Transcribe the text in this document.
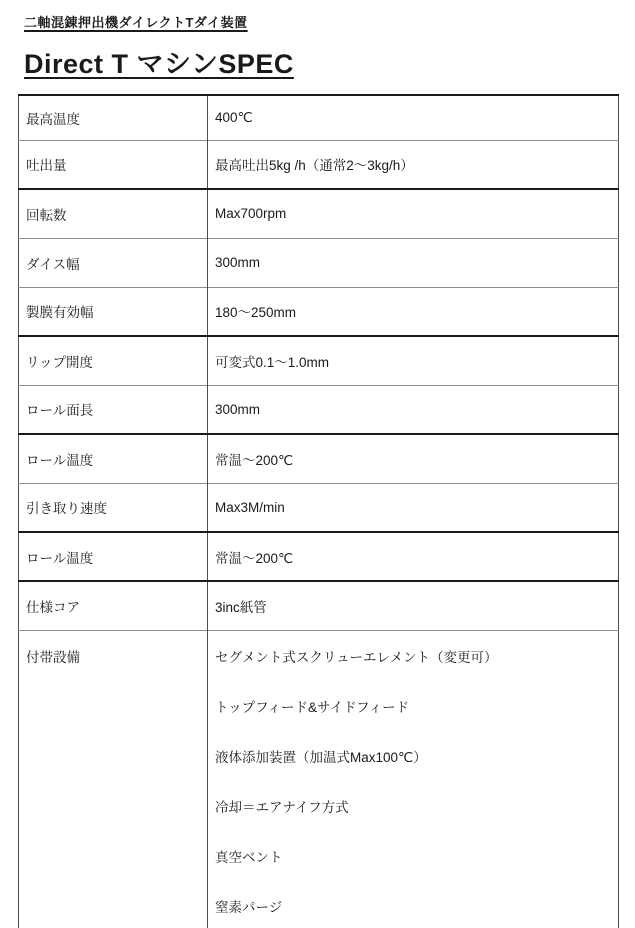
二軸混錬押出機ダイレクトTダイ装置
Direct T マシンSPEC
最高温度	400℃
吐出量	最高吐出5kg /h（通常2～3kg/h）
回転数	Max700rpm
ダイス幅	300mm
製膜有効幅	180～250mm
リップ開度	可変式0.1～1.0mm
ロール面長	300mm
ロール温度	常温～200℃
引き取り速度	Max3M/min
ロール温度	常温～200℃
仕様コア	3inc紙管

付帯設備	セグメント式スクリューエレメント（変更可）
トップフィード&サイドフィード
液体添加装置（加温式Max100℃）
冷却＝エアナイフ方式
真空ベント
窒素パージ
